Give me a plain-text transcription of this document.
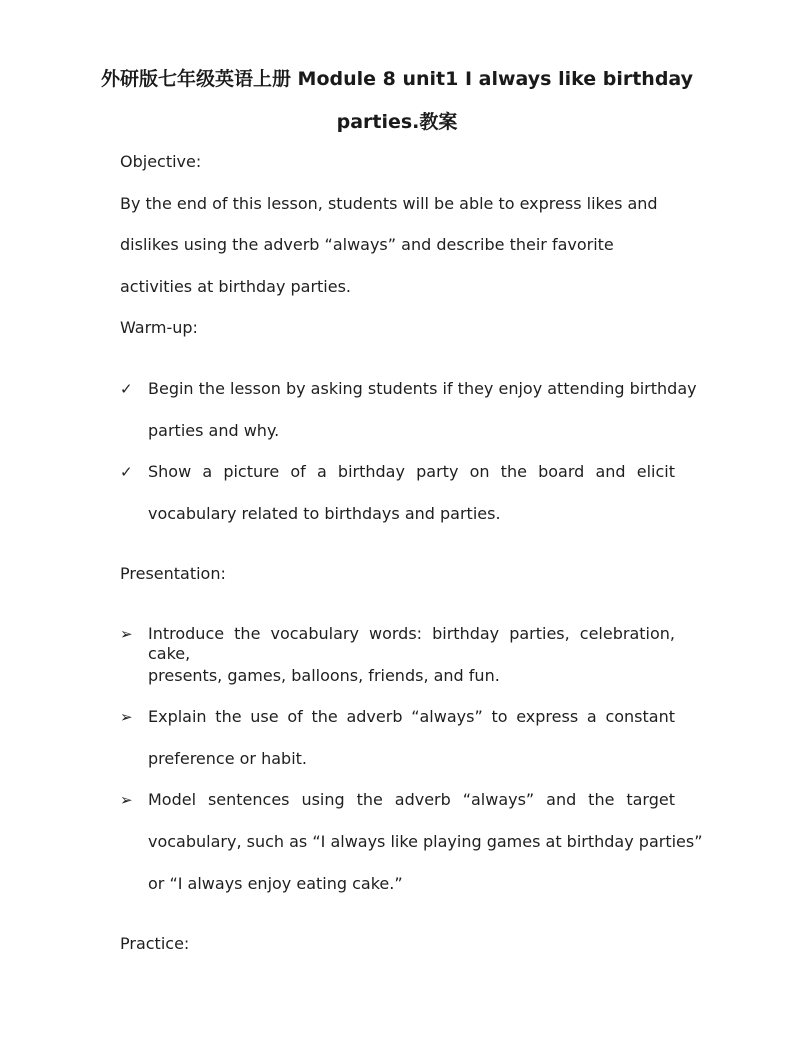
外研版七年级英语上册 Module 8 unit1 I always like birthday
parties.教案
Objective:
By the end of this lesson, students will be able to express likes and
dislikes using the adverb “always” and describe their favorite
activities at birthday parties.
Warm-up:
✓ Begin the lesson by asking students if they enjoy attending birthday
parties and why.
✓ Show a picture of a birthday party on the board and elicit
vocabulary related to birthdays and parties.
Presentation:
➢ Introduce the vocabulary words: birthday parties, celebration, cake,
presents, games, balloons, friends, and fun.
➢ Explain the use of the adverb “always” to express a constant
preference or habit.
➢ Model sentences using the adverb “always” and the target
vocabulary, such as “I always like playing games at birthday parties”
or “I always enjoy eating cake.”
Practice:
